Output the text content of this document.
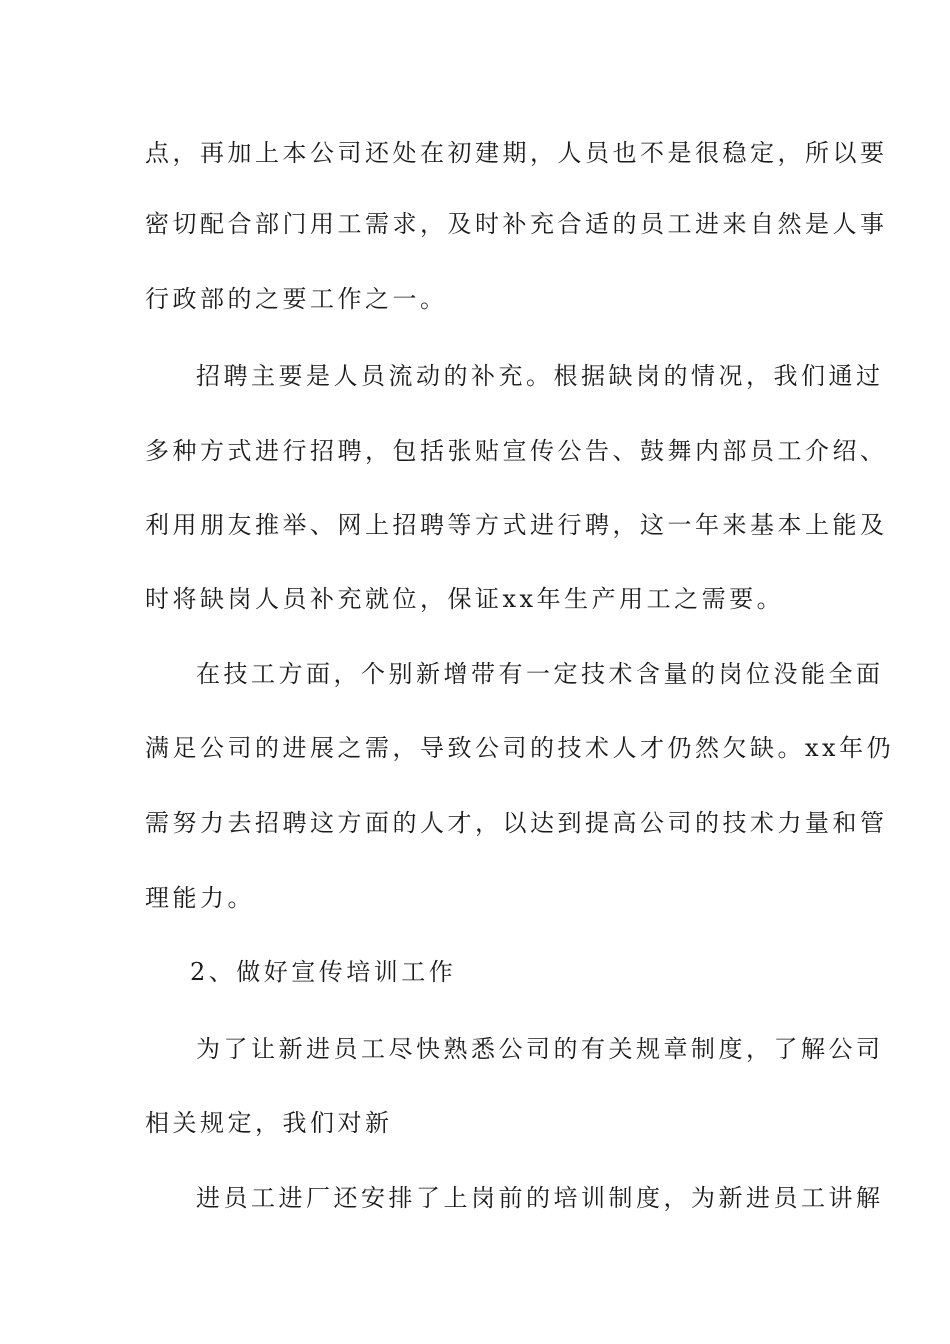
点，再加上本公司还处在初建期，人员也不是很稳定，所以要
密切配合部门用工需求，及时补充合适的员工进来自然是人事
行政部的之要工作之一。
招聘主要是人员流动的补充。根据缺岗的情况，我们通过
多种方式进行招聘，包括张贴宣传公告、鼓舞内部员工介绍、
利用朋友推举、网上招聘等方式进行聘，这一年来基本上能及
时将缺岗人员补充就位，保证xx年生产用工之需要。
在技工方面，个别新增带有一定技术含量的岗位没能全面
满足公司的进展之需，导致公司的技术人才仍然欠缺。xx年仍
需努力去招聘这方面的人才，以达到提高公司的技术力量和管
理能力。
2、做好宣传培训工作
为了让新进员工尽快熟悉公司的有关规章制度，了解公司
相关规定，我们对新
进员工进厂还安排了上岗前的培训制度，为新进员工讲解
